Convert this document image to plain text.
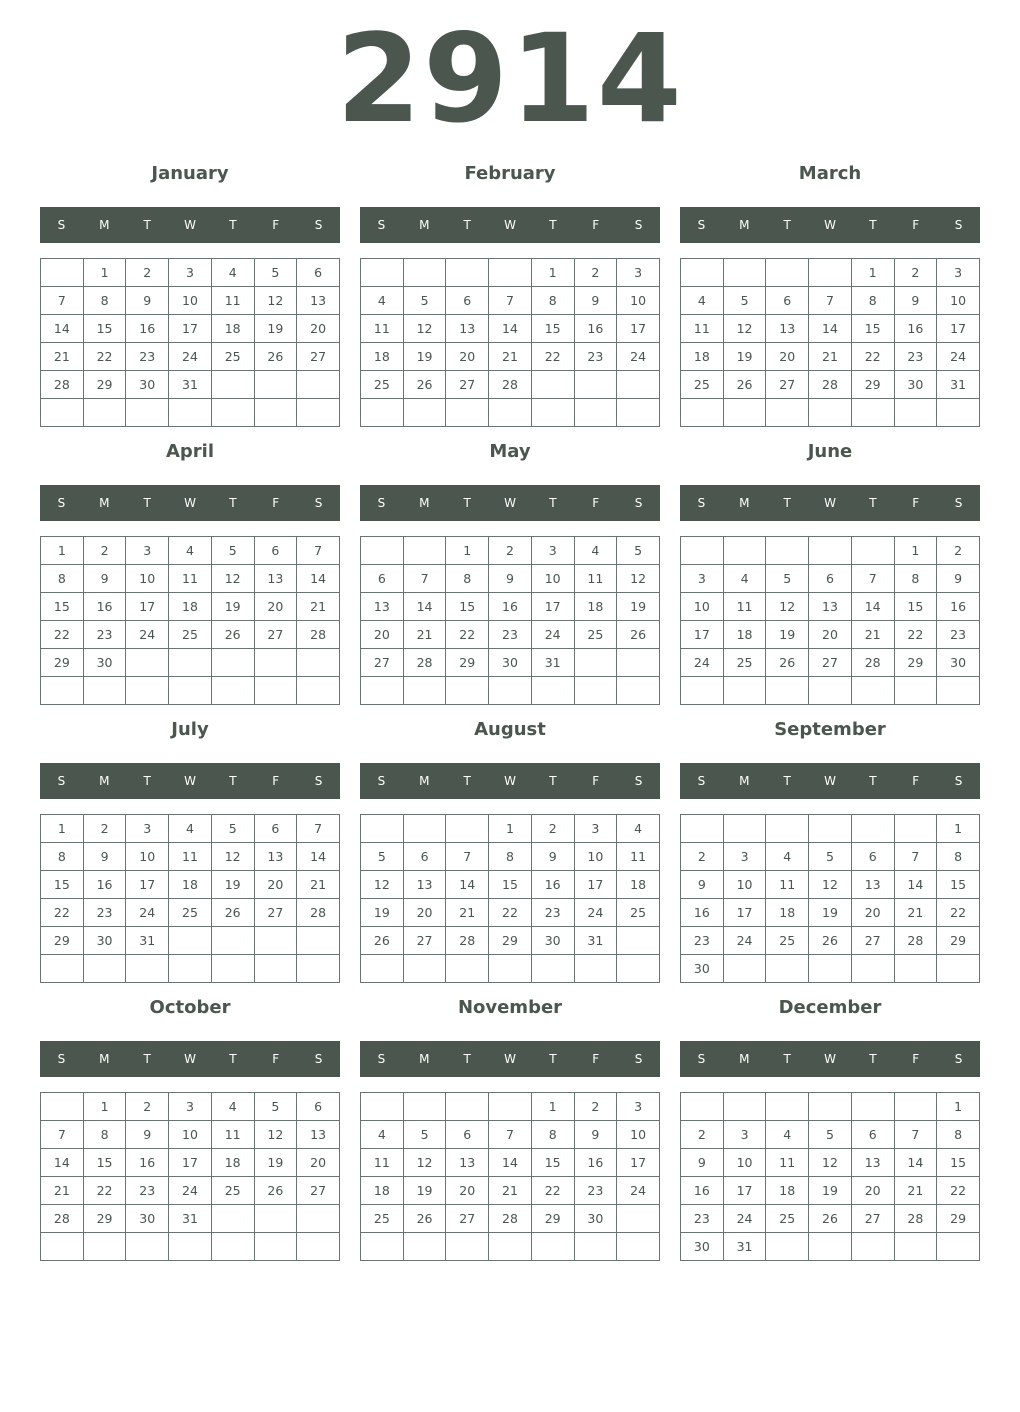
2914
January
S	M	T	W	T	F	S
	1	2	3	4	5	6
7	8	9	10	11	12	13
14	15	16	17	18	19	20
21	22	23	24	25	26	27
28	29	30	31			

February
S	M	T	W	T	F	S
				1	2	3
4	5	6	7	8	9	10
11	12	13	14	15	16	17
18	19	20	21	22	23	24
25	26	27	28			

March
S	M	T	W	T	F	S
				1	2	3
4	5	6	7	8	9	10
11	12	13	14	15	16	17
18	19	20	21	22	23	24
25	26	27	28	29	30	31

April
S	M	T	W	T	F	S
1	2	3	4	5	6	7
8	9	10	11	12	13	14
15	16	17	18	19	20	21
22	23	24	25	26	27	28
29	30					

May
S	M	T	W	T	F	S
		1	2	3	4	5
6	7	8	9	10	11	12
13	14	15	16	17	18	19
20	21	22	23	24	25	26
27	28	29	30	31		

June
S	M	T	W	T	F	S
					1	2
3	4	5	6	7	8	9
10	11	12	13	14	15	16
17	18	19	20	21	22	23
24	25	26	27	28	29	30

July
S	M	T	W	T	F	S
1	2	3	4	5	6	7
8	9	10	11	12	13	14
15	16	17	18	19	20	21
22	23	24	25	26	27	28
29	30	31				

August
S	M	T	W	T	F	S
			1	2	3	4
5	6	7	8	9	10	11
12	13	14	15	16	17	18
19	20	21	22	23	24	25
26	27	28	29	30	31	

September
S	M	T	W	T	F	S
						1
2	3	4	5	6	7	8
9	10	11	12	13	14	15
16	17	18	19	20	21	22
23	24	25	26	27	28	29
30						
October
S	M	T	W	T	F	S
	1	2	3	4	5	6
7	8	9	10	11	12	13
14	15	16	17	18	19	20
21	22	23	24	25	26	27
28	29	30	31			

November
S	M	T	W	T	F	S
				1	2	3
4	5	6	7	8	9	10
11	12	13	14	15	16	17
18	19	20	21	22	23	24
25	26	27	28	29	30	

December
S	M	T	W	T	F	S
						1
2	3	4	5	6	7	8
9	10	11	12	13	14	15
16	17	18	19	20	21	22
23	24	25	26	27	28	29
30	31					
